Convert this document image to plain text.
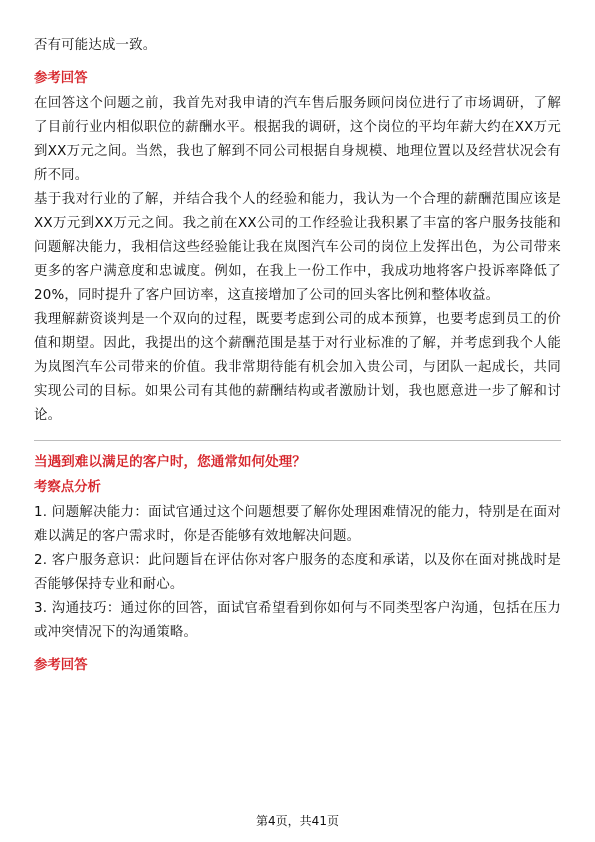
否有可能达成一致。

参考回答

在回答这个问题之前，我首先对我申请的汽车售后服务顾问岗位进行了市场调研，了解了目前行业内相似职位的薪酬水平。根据我的调研，这个岗位的平均年薪大约在XX万元到XX万元之间。当然，我也了解到不同公司根据自身规模、地理位置以及经营状况会有所不同。

基于我对行业的了解，并结合我个人的经验和能力，我认为一个合理的薪酬范围应该是XX万元到XX万元之间。我之前在XX公司的工作经验让我积累了丰富的客户服务技能和问题解决能力，我相信这些经验能让我在岚图汽车公司的岗位上发挥出色，为公司带来更多的客户满意度和忠诚度。例如，在我上一份工作中，我成功地将客户投诉率降低了20%，同时提升了客户回访率，这直接增加了公司的回头客比例和整体收益。

我理解薪资谈判是一个双向的过程，既要考虑到公司的成本预算，也要考虑到员工的价值和期望。因此，我提出的这个薪酬范围是基于对行业标准的了解，并考虑到我个人能为岚图汽车公司带来的价值。我非常期待能有机会加入贵公司，与团队一起成长，共同实现公司的目标。如果公司有其他的薪酬结构或者激励计划，我也愿意进一步了解和讨论。

当遇到难以满足的客户时，您通常如何处理？
考察点分析

1. 问题解决能力：面试官通过这个问题想要了解你处理困难情况的能力，特别是在面对难以满足的客户需求时，你是否能够有效地解决问题。

2. 客户服务意识：此问题旨在评估你对客户服务的态度和承诺，以及你在面对挑战时是否能够保持专业和耐心。

3. 沟通技巧：通过你的回答，面试官希望看到你如何与不同类型客户沟通，包括在压力或冲突情况下的沟通策略。

参考回答
第4页，共41页
